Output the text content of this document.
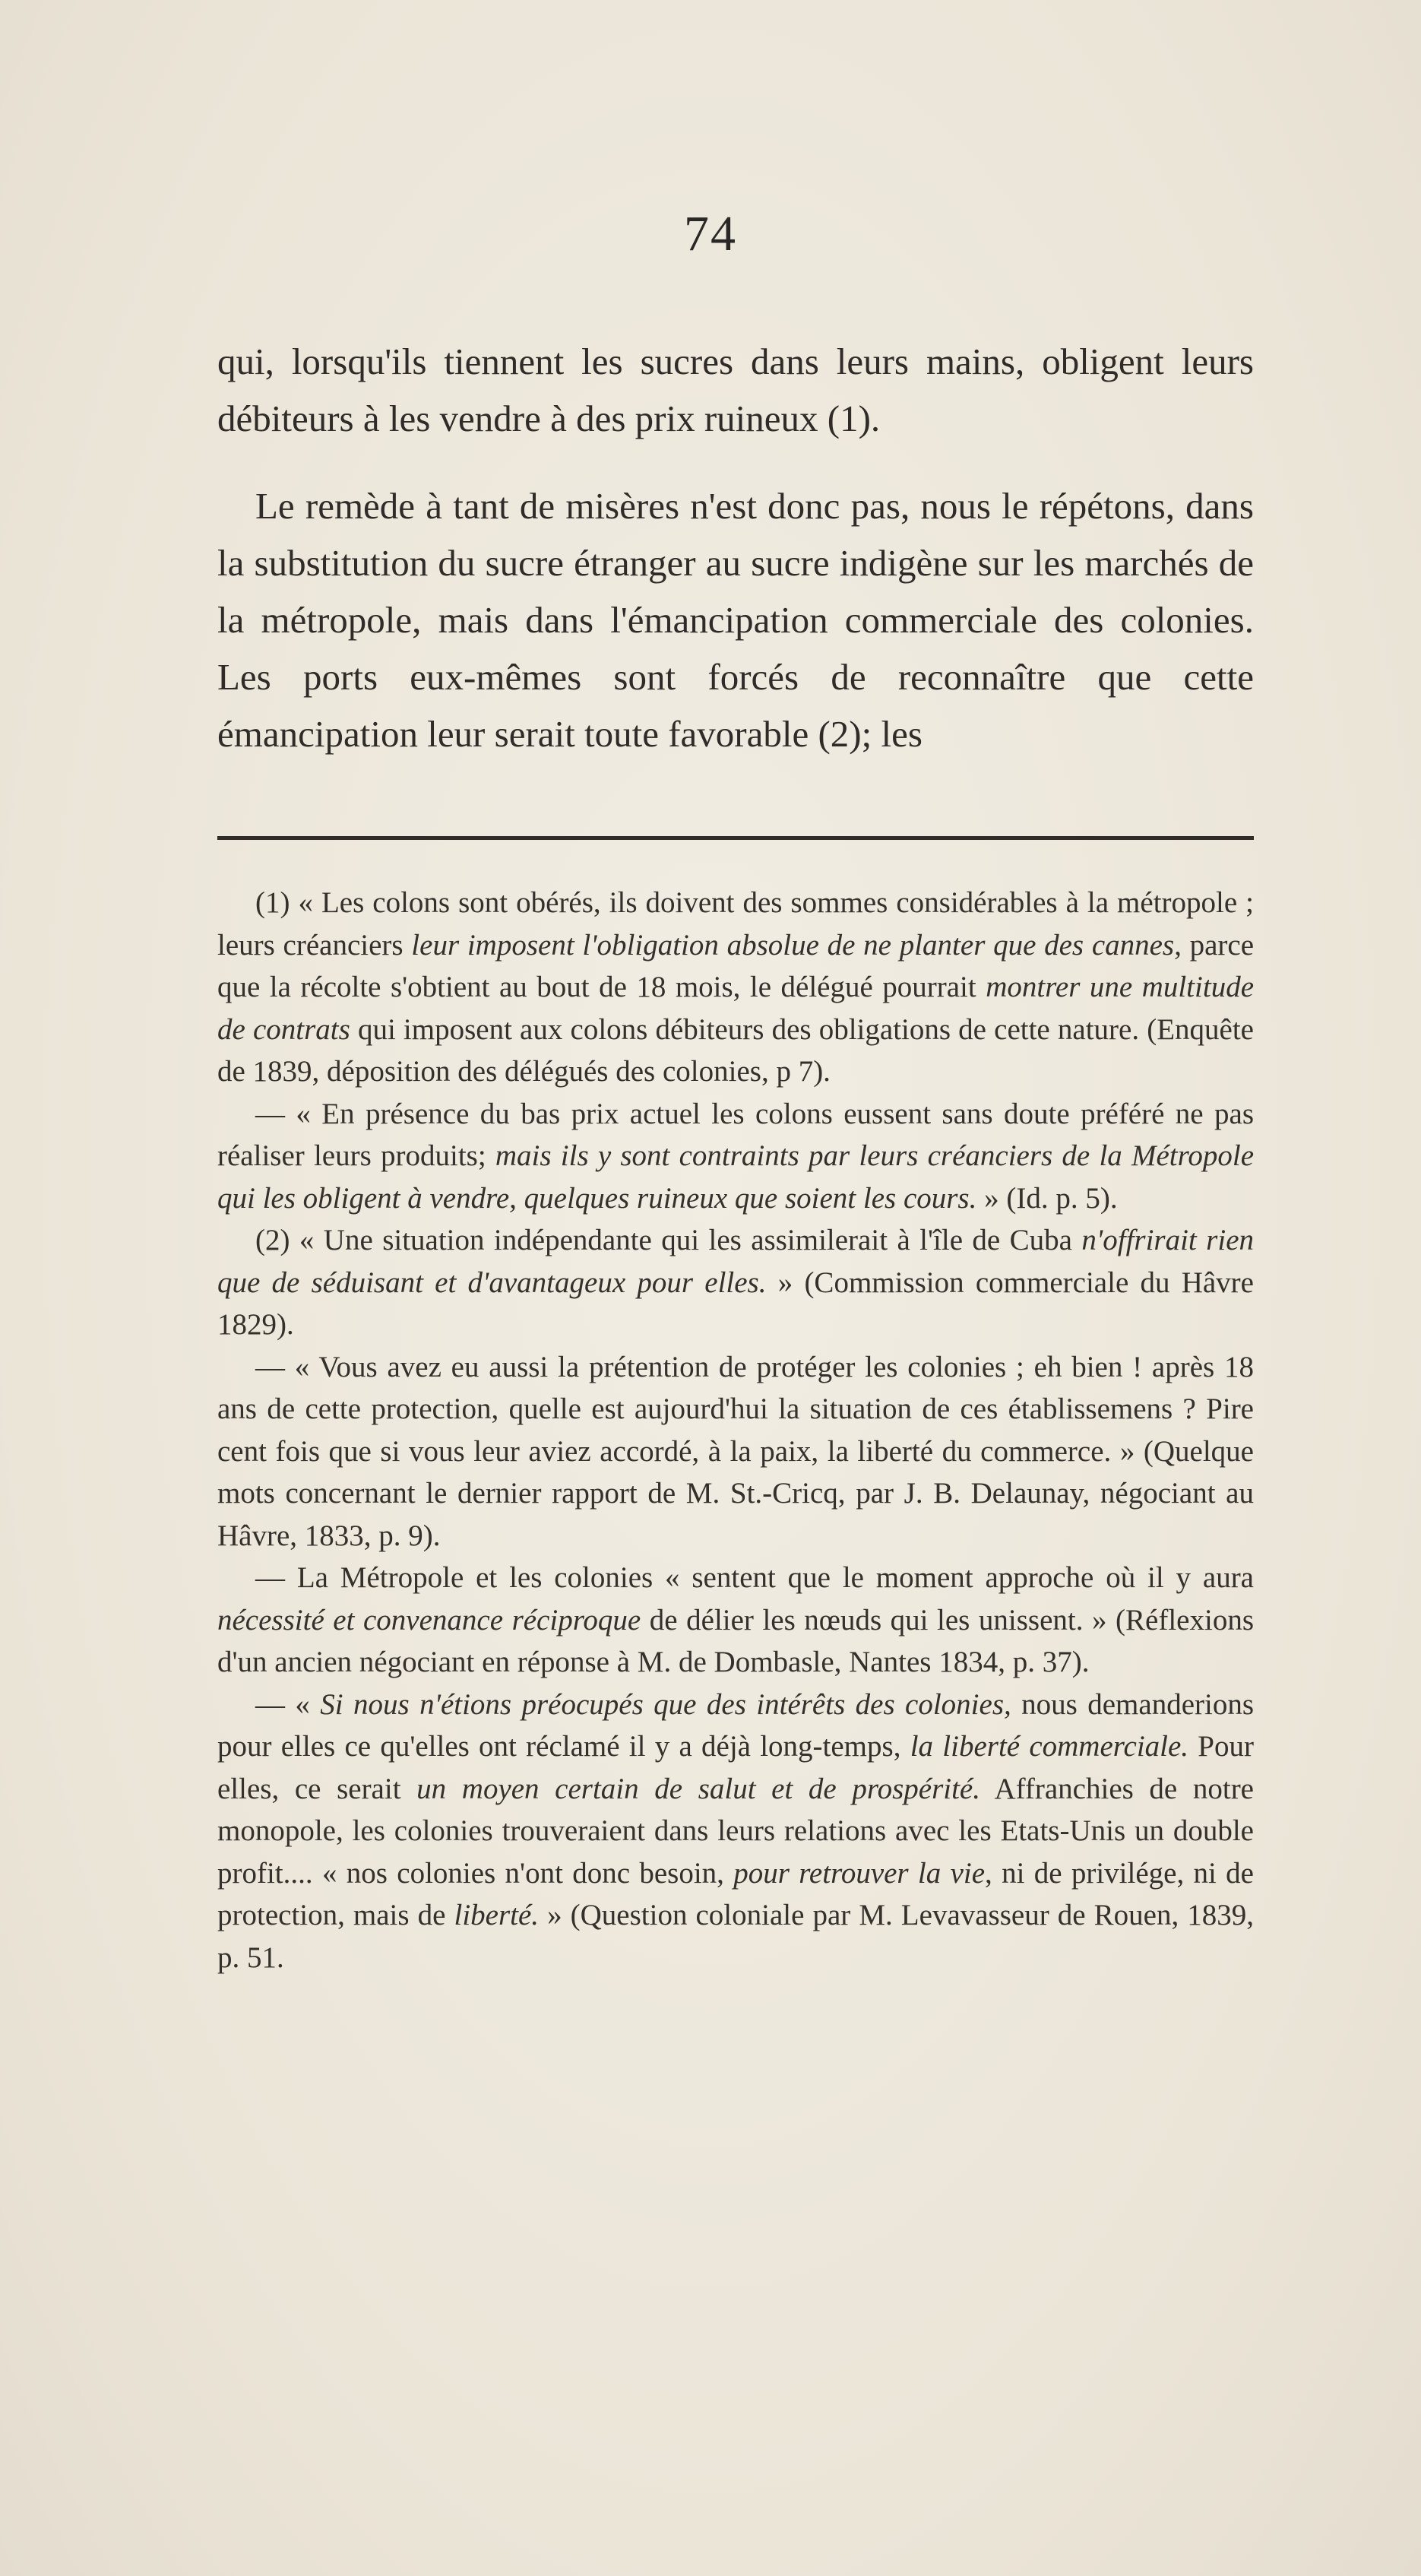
74

qui, lorsqu'ils tiennent les sucres dans leurs mains, obligent leurs débiteurs à les vendre à des prix ruineux (1).

Le remède à tant de misères n'est donc pas, nous le répétons, dans la substitution du sucre étranger au sucre indigène sur les marchés de la métropole, mais dans l'émancipation commerciale des colonies. Les ports eux-mêmes sont forcés de reconnaître que cette émancipation leur serait toute favorable (2); les

(1) « Les colons sont obérés, ils doivent des sommes considérables à la métropole ; leurs créanciers leur imposent l'obligation absolue de ne planter que des cannes, parce que la récolte s'obtient au bout de 18 mois, le délégué pourrait montrer une multitude de contrats qui imposent aux colons débiteurs des obligations de cette nature. (Enquête de 1839, déposition des délégués des colonies, p 7).

— « En présence du bas prix actuel les colons eussent sans doute préféré ne pas réaliser leurs produits; mais ils y sont contraints par leurs créanciers de la Métropole qui les obligent à vendre, quelques ruineux que soient les cours. » (Id. p. 5).

(2) « Une situation indépendante qui les assimilerait à l'île de Cuba n'offrirait rien que de séduisant et d'avantageux pour elles. » (Commission commerciale du Hâvre 1829).

— « Vous avez eu aussi la prétention de protéger les colonies ; eh bien ! après 18 ans de cette protection, quelle est aujourd'hui la situation de ces établissemens ? Pire cent fois que si vous leur aviez accordé, à la paix, la liberté du commerce. » (Quelque mots concernant le dernier rapport de M. St.-Cricq, par J. B. Delaunay, négociant au Hâvre, 1833, p. 9).

— La Métropole et les colonies « sentent que le moment approche où il y aura nécessité et convenance réciproque de délier les nœuds qui les unissent. » (Réflexions d'un ancien négociant en réponse à M. de Dombasle, Nantes 1834, p. 37).

— « Si nous n'étions préocupés que des intérêts des colonies, nous demanderions pour elles ce qu'elles ont réclamé il y a déjà long-temps, la liberté commerciale. Pour elles, ce serait un moyen certain de salut et de prospérité. Affranchies de notre monopole, les colonies trouveraient dans leurs relations avec les Etats-Unis un double profit.... « nos colonies n'ont donc besoin, pour retrouver la vie, ni de privilége, ni de protection, mais de liberté. » (Question coloniale par M. Levavasseur de Rouen, 1839, p. 51.
